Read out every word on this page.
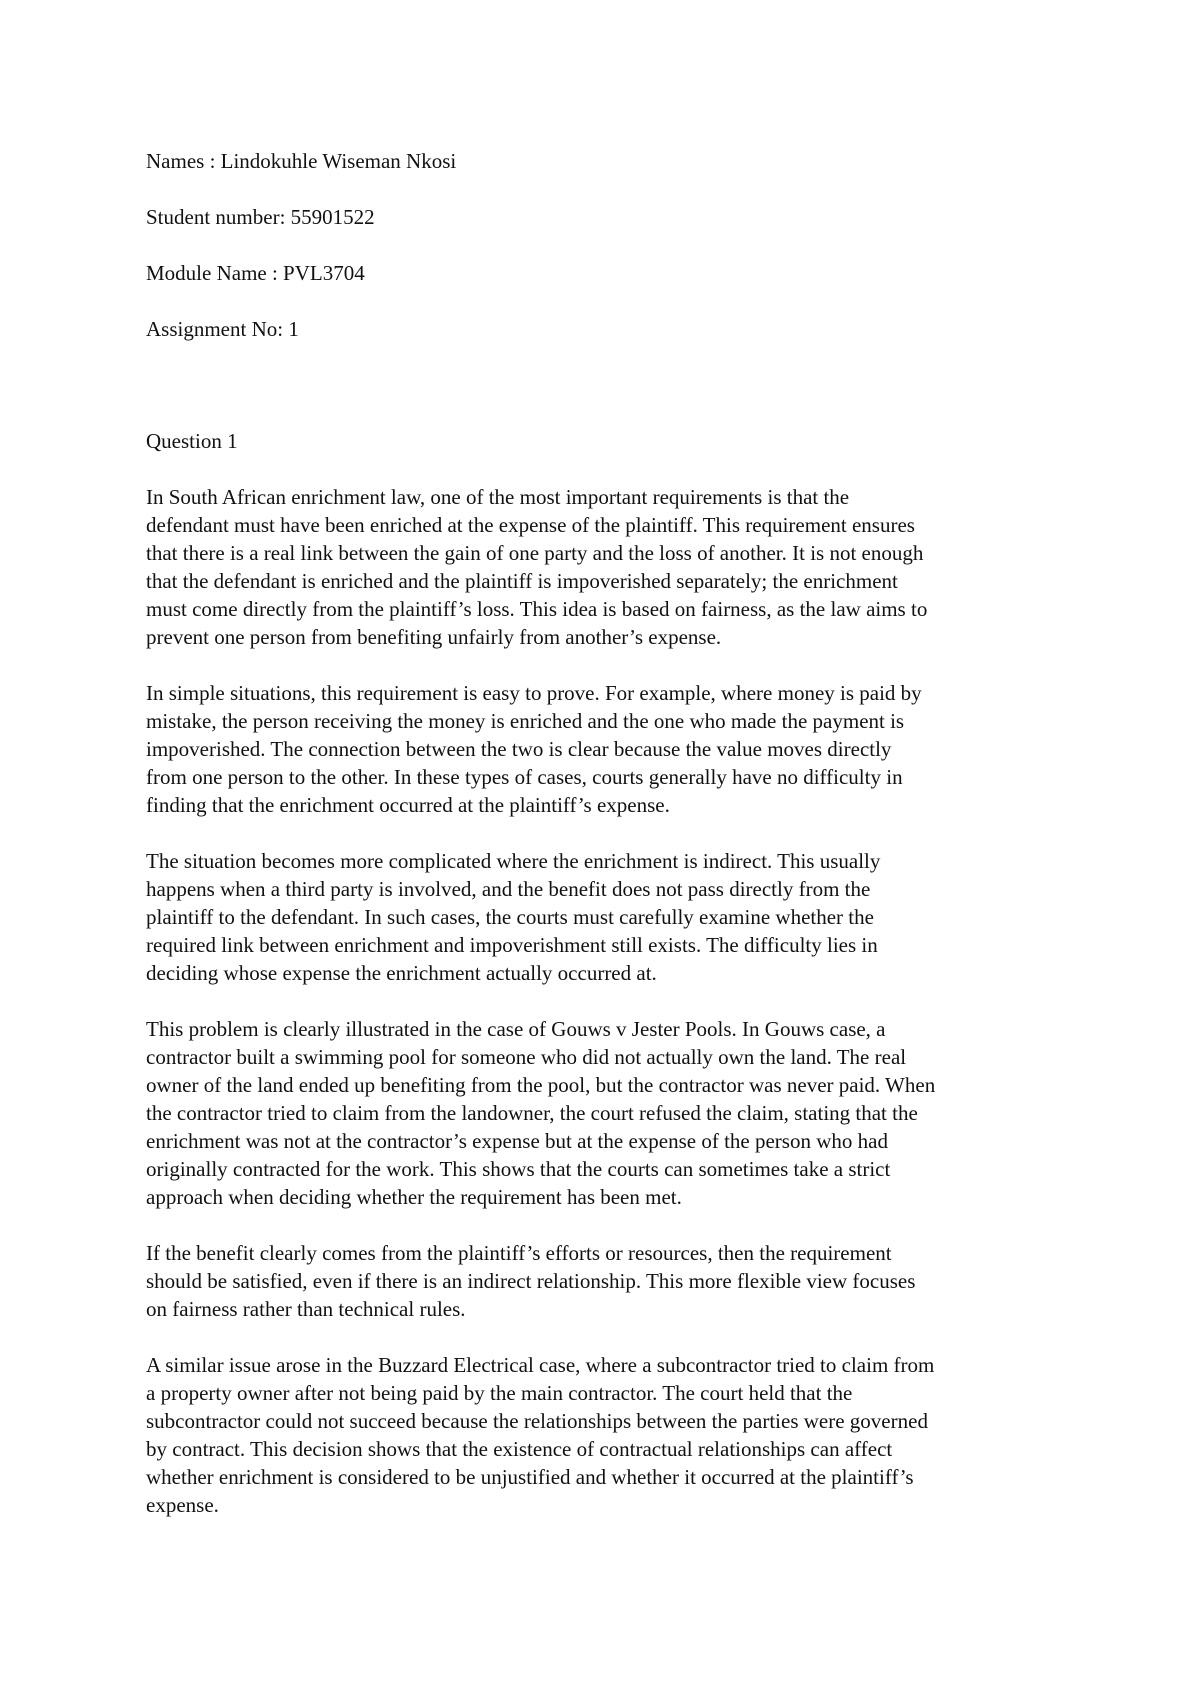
Names : Lindokuhle Wiseman Nkosi
Student number: 55901522
Module Name : PVL3704
Assignment No: 1
Question 1
In South African enrichment law, one of the most important requirements is that the
defendant must have been enriched at the expense of the plaintiff. This requirement ensures
that there is a real link between the gain of one party and the loss of another. It is not enough
that the defendant is enriched and the plaintiff is impoverished separately; the enrichment
must come directly from the plaintiff’s loss. This idea is based on fairness, as the law aims to
prevent one person from benefiting unfairly from another’s expense.
In simple situations, this requirement is easy to prove. For example, where money is paid by
mistake, the person receiving the money is enriched and the one who made the payment is
impoverished. The connection between the two is clear because the value moves directly
from one person to the other. In these types of cases, courts generally have no difficulty in
finding that the enrichment occurred at the plaintiff’s expense.
The situation becomes more complicated where the enrichment is indirect. This usually
happens when a third party is involved, and the benefit does not pass directly from the
plaintiff to the defendant. In such cases, the courts must carefully examine whether the
required link between enrichment and impoverishment still exists. The difficulty lies in
deciding whose expense the enrichment actually occurred at.
This problem is clearly illustrated in the case of Gouws v Jester Pools. In Gouws case, a
contractor built a swimming pool for someone who did not actually own the land. The real
owner of the land ended up benefiting from the pool, but the contractor was never paid. When
the contractor tried to claim from the landowner, the court refused the claim, stating that the
enrichment was not at the contractor’s expense but at the expense of the person who had
originally contracted for the work. This shows that the courts can sometimes take a strict
approach when deciding whether the requirement has been met.
If the benefit clearly comes from the plaintiff’s efforts or resources, then the requirement
should be satisfied, even if there is an indirect relationship. This more flexible view focuses
on fairness rather than technical rules.
A similar issue arose in the Buzzard Electrical case, where a subcontractor tried to claim from
a property owner after not being paid by the main contractor. The court held that the
subcontractor could not succeed because the relationships between the parties were governed
by contract. This decision shows that the existence of contractual relationships can affect
whether enrichment is considered to be unjustified and whether it occurred at the plaintiff’s
expense.
